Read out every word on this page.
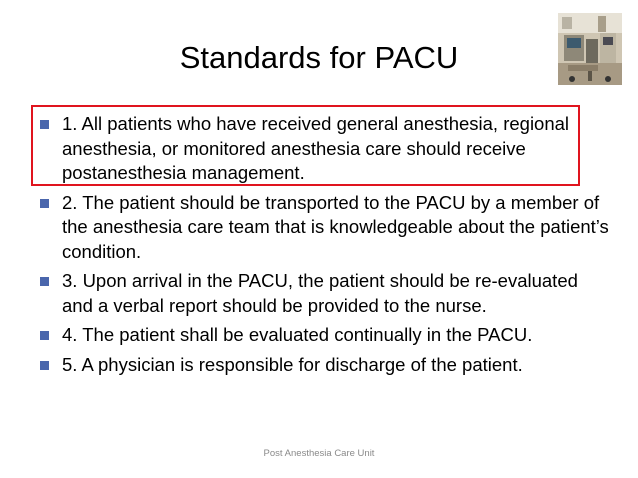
Standards for PACU
1. All patients who have received general anesthesia, regional anesthesia, or monitored anesthesia care should receive postanesthesia management.
2. The patient should be transported to the PACU by a member of the anesthesia care team that is knowledgeable about the patient’s condition.
3. Upon arrival in the PACU, the patient should be re-evaluated and a verbal report should be provided to the nurse.
4. The patient shall be evaluated continually in the PACU.
5. A physician is responsible for discharge of the patient.
Post Anesthesia Care Unit
